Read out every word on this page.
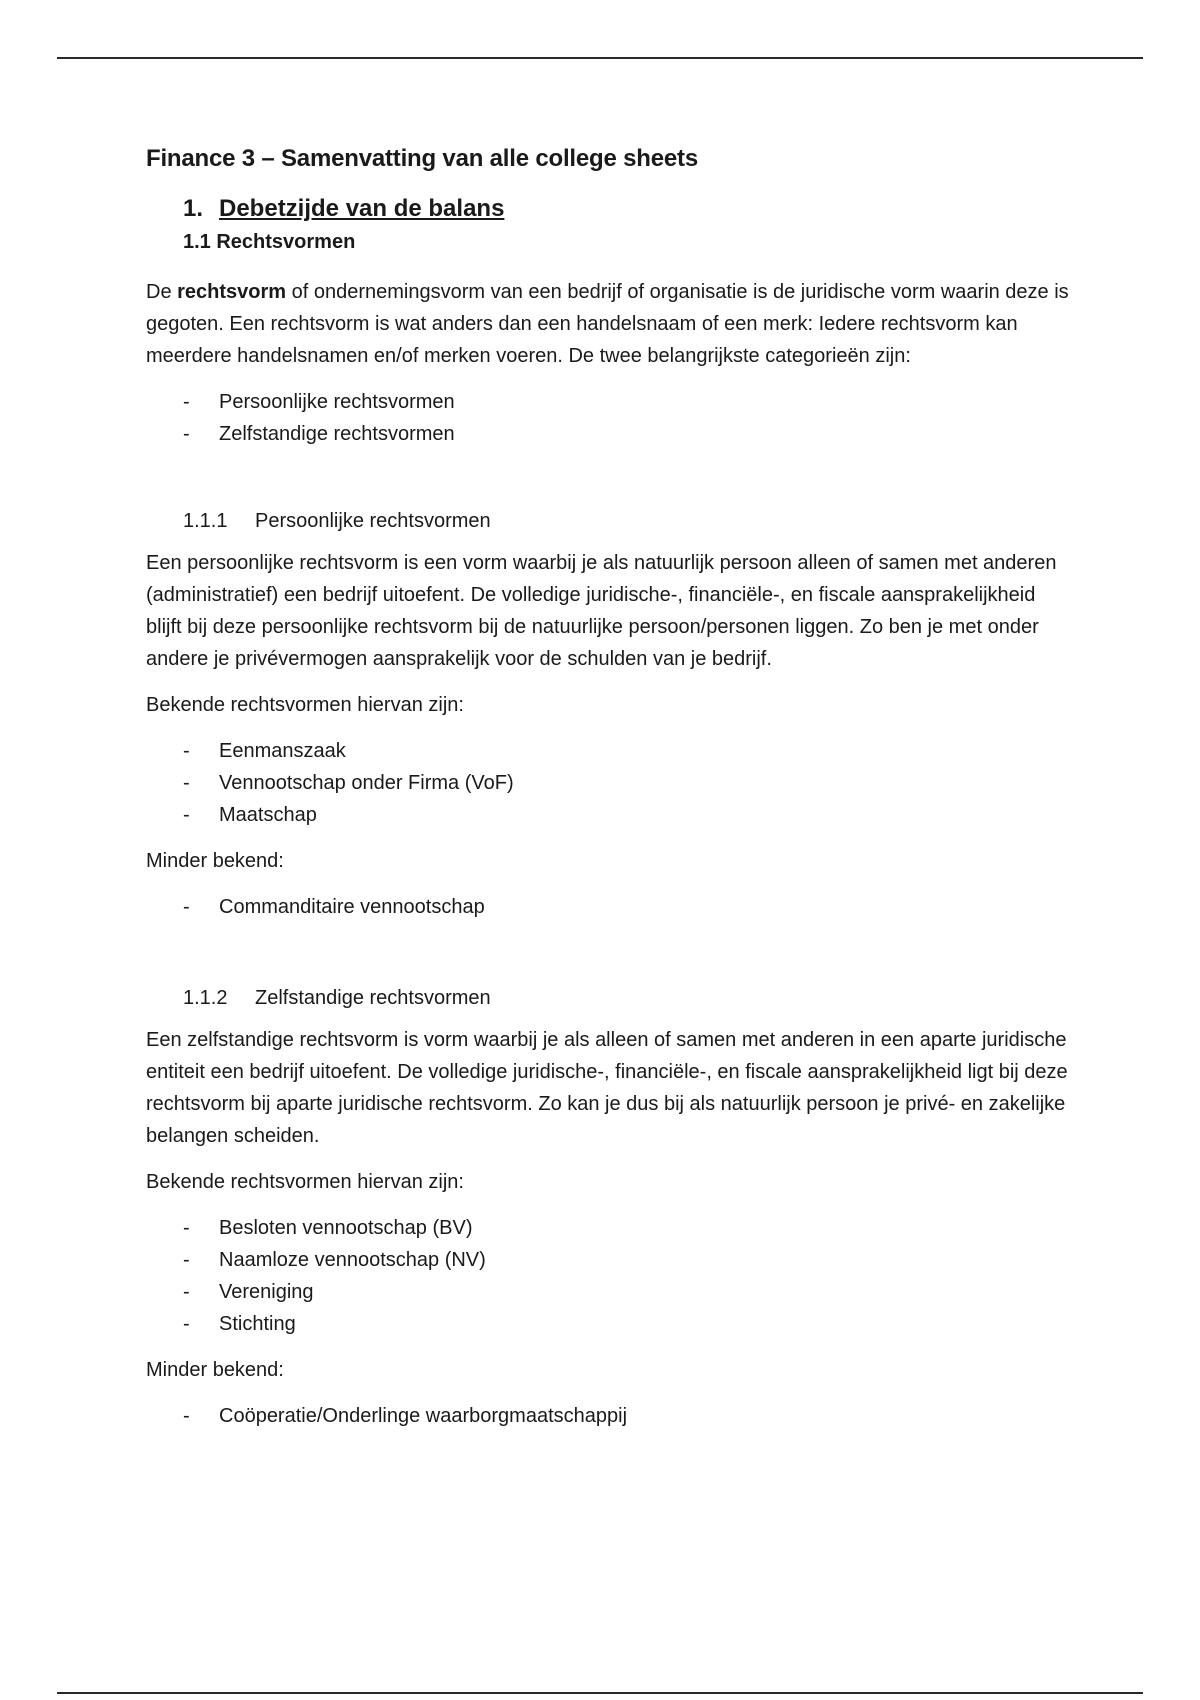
Finance 3 – Samenvatting van alle college sheets
1. Debetzijde van de balans
1.1 Rechtsvormen

De rechtsvorm of ondernemingsvorm van een bedrijf of organisatie is de juridische vorm waarin deze is gegoten. Een rechtsvorm is wat anders dan een handelsnaam of een merk: Iedere rechtsvorm kan meerdere handelsnamen en/of merken voeren. De twee belangrijkste categorieën zijn:

-	Persoonlijke rechtsvormen
-	Zelfstandige rechtsvormen
1.1.1	Persoonlijke rechtsvormen

Een persoonlijke rechtsvorm is een vorm waarbij je als natuurlijk persoon alleen of samen met anderen (administratief) een bedrijf uitoefent. De volledige juridische-, financiële-, en fiscale aansprakelijkheid blijft bij deze persoonlijke rechtsvorm bij de natuurlijke persoon/personen liggen. Zo ben je met onder andere je privévermogen aansprakelijk voor de schulden van je bedrijf.

Bekende rechtsvormen hiervan zijn:

-	Eenmanszaak
-	Vennootschap onder Firma (VoF)
-	Maatschap

Minder bekend:

-	Commanditaire vennootschap
1.1.2	Zelfstandige rechtsvormen

Een zelfstandige rechtsvorm is vorm waarbij je als alleen of samen met anderen in een aparte juridische entiteit een bedrijf uitoefent. De volledige juridische-, financiële-, en fiscale aansprakelijkheid ligt bij deze rechtsvorm bij aparte juridische rechtsvorm. Zo kan je dus bij als natuurlijk persoon je privé- en zakelijke belangen scheiden.

Bekende rechtsvormen hiervan zijn:

-	Besloten vennootschap (BV)
-	Naamloze vennootschap (NV)
-	Vereniging
-	Stichting

Minder bekend:

-	Coöperatie/Onderlinge waarborgmaatschappij
